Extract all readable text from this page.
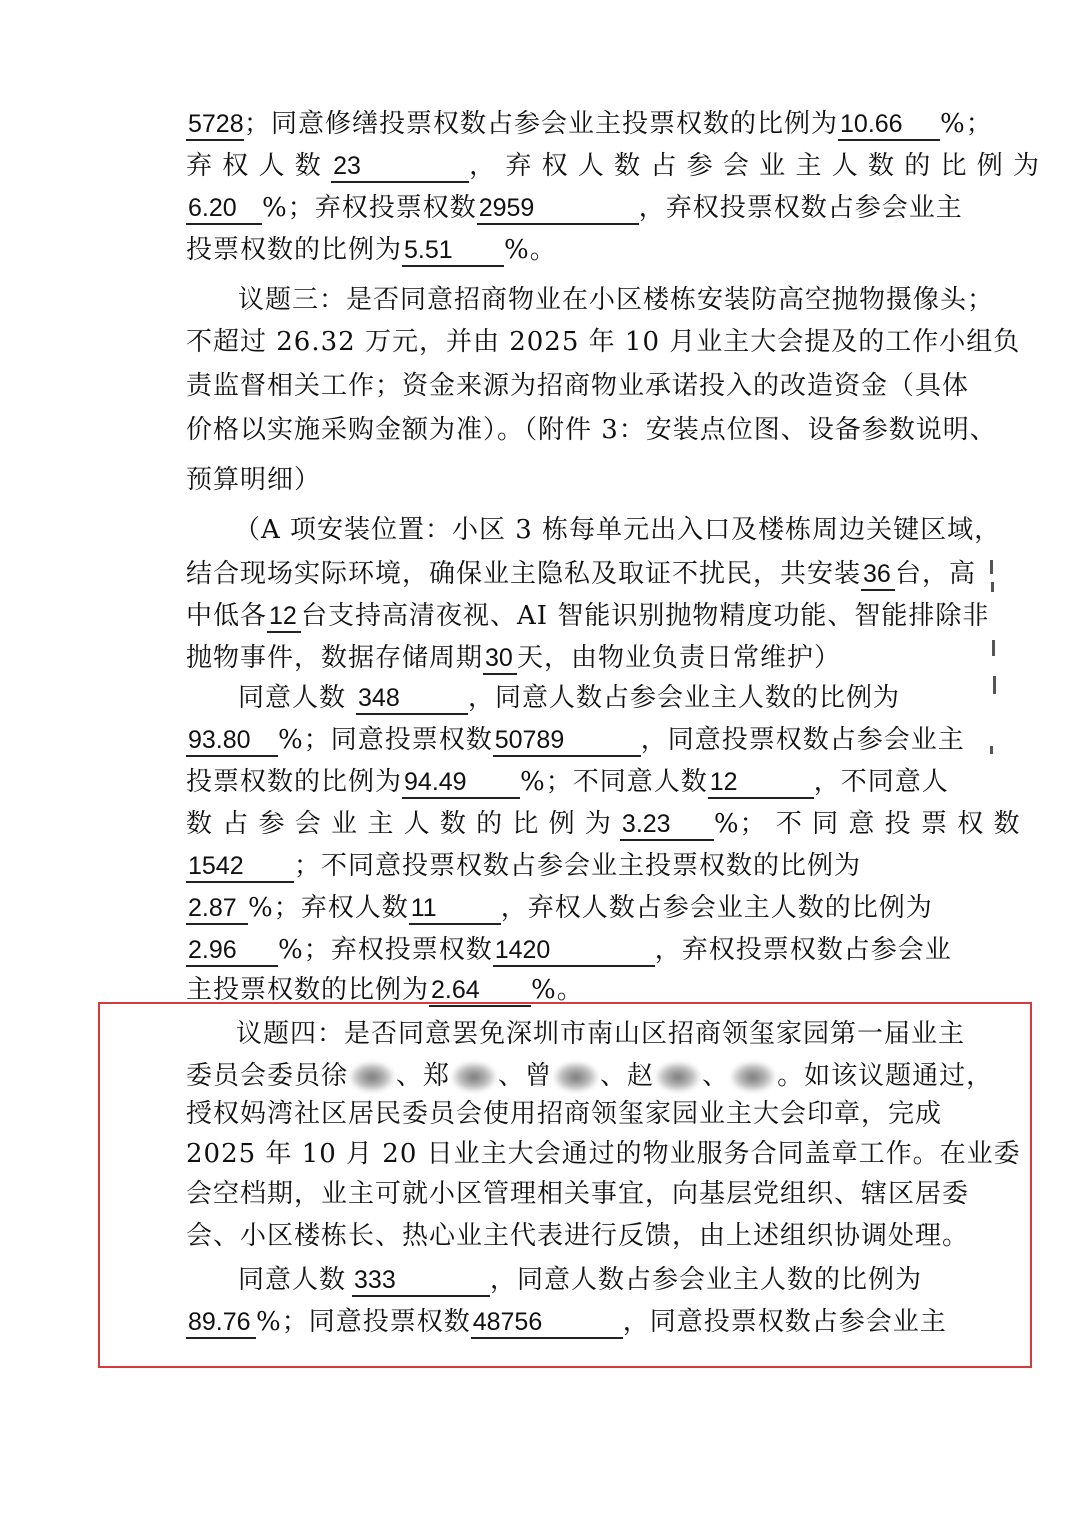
5728；同意修缮投票权数占参会业主投票权数的比例为10.66 %；
弃 权 人 数 23	， 弃 权 人 数 占 参 会 业 主 人 数 的 比 例 为
6.20 %；弃权投票权数2959	，弃权投票权数占参会业主
投票权数的比例为5.51 %。
议题三：是否同意招商物业在小区楼栋安装防高空抛物摄像头；
不超过 26.32 万元，并由 2025 年 10 月业主大会提及的工作小组负
责监督相关工作；资金来源为招商物业承诺投入的改造资金（具体
价格以实施采购金额为准）。（附件 3：安装点位图、设备参数说明、
预算明细）
（A 项安装位置：小区 3 栋每单元出入口及楼栋周边关键区域，
结合现场实际环境，确保业主隐私及取证不扰民，共安装36 台，高
中低各12 台支持高清夜视、AI 智能识别抛物精度功能、智能排除非
抛物事件，数据存储周期30 天，由物业负责日常维护）
同意人数 348	，同意人数占参会业主人数的比例为
93.80 %；同意投票权数50789	，同意投票权数占参会业主
投票权数的比例为94.49 %；不同意人数12	，不同意人
数 占 参 会 业 主 人 数 的 比 例 为 3.23 %； 不 同 意 投 票 权 数
1542 ；不同意投票权数占参会业主投票权数的比例为
2.87 %；弃权人数11 ，弃权人数占参会业主人数的比例为
2.96 %；弃权投票权数1420	，弃权投票权数占参会业
主投票权数的比例为2.64 %。
议题四：是否同意罢免深圳市南山区招商领玺家园第一届业主
委员会委员徐 、郑 、曾 、赵 、 。如该议题通过，
授权妈湾社区居民委员会使用招商领玺家园业主大会印章，完成
2025 年 10 月 20 日业主大会通过的物业服务合同盖章工作。在业委
会空档期，业主可就小区管理相关事宜，向基层党组织、辖区居委
会、小区楼栋长、热心业主代表进行反馈，由上述组织协调处理。
同意人数 333	，同意人数占参会业主人数的比例为
89.76 %；同意投票权数48756	，同意投票权数占参会业主
